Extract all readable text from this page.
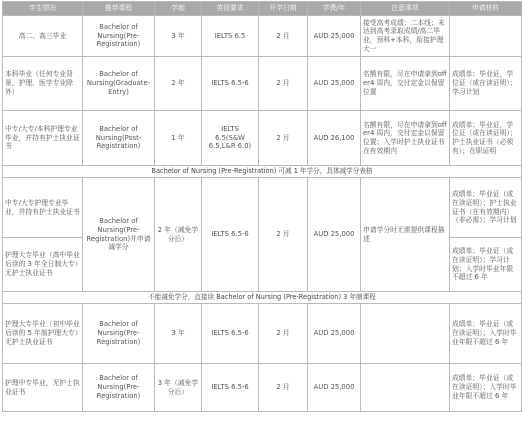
学生情况	推荐课程	学制	英语要求	开学日期	学费/年	注意事项	申请材料
高二、高三毕业	Bachelor of
Nursing(Pre-
Registration)	3 年	IELTS 6.5	2 月	AUD 25,000	接受高考成绩：二本线；未达到高考录取成绩/高二毕业，预科+本科，衔接护理大一	
本科毕业（任何专业背景，护理、医学专业除外）	Bachelor of
Nursing(Graduate-
Entry)	2 年	IELTS 6.5-6	2 月	AUD 25,000	名额有限，尽在申请拿到offer4 周内，交付定金以保留位置	成绩单；毕业证，学位证（或在读证明）；学习计划
中专/大专/本科护理专业毕业，并持有护士执业证书	Bachelor of
Nursing(Post-
Registration)	1 年	IELTS
6.5(S&W
6.5,L&R 6.0)	2 月	AUD 26,100	名额有限，尽在申请拿到offer4 周内，交付定金以保留位置；入学时护士执业证书在有效期内	成绩单；毕业证，学位证（或在读证明）；护士执业证书（必须有）；在职证明
Bachelor of Nursing (Pre-Registration) 可减 1 年学分，具体减学分表格							
中专/大专护理专业毕业，并持有护士执业证书	Bachelor of
Nursing(Pre-
Registration)并申请减学分	2 年（减免学分后）	IELTS 6.5-6	2 月	AUD 25,000	申请学分时无需提供课程描述	成绩单；毕业证（或在读证明）；护士执业证书（在有效期内）（非必需）；学习计划
护理大专毕业（高中毕业后读的 3 年全日制大专）无护士执业证书							成绩单；毕业证（或在读证明）；学习计划；入学时毕业年限不超过 6 年
不能减免学分，直接读 Bachelor of Nursing (Pre-Registration) 3 年制课程							
护理大专毕业（初中毕业后读的 5 年制护理大专）无护士执业证书	Bachelor of
Nursing(Pre-
Registration)	3 年	IELTS 6.5-6	2 月	AUD 25,000		成绩单；毕业证（或在读证明）；入学时毕业年限不超过 6 年
护理中专毕业，无护士执业证书	Bachelor of
Nursing(Pre-
Registration)	3 年（减免学分后）	IELTS 6.5-6	2 月	AUD 25,000		成绩单；毕业证（或在读证明）；入学时毕业年限不超过 6 年
